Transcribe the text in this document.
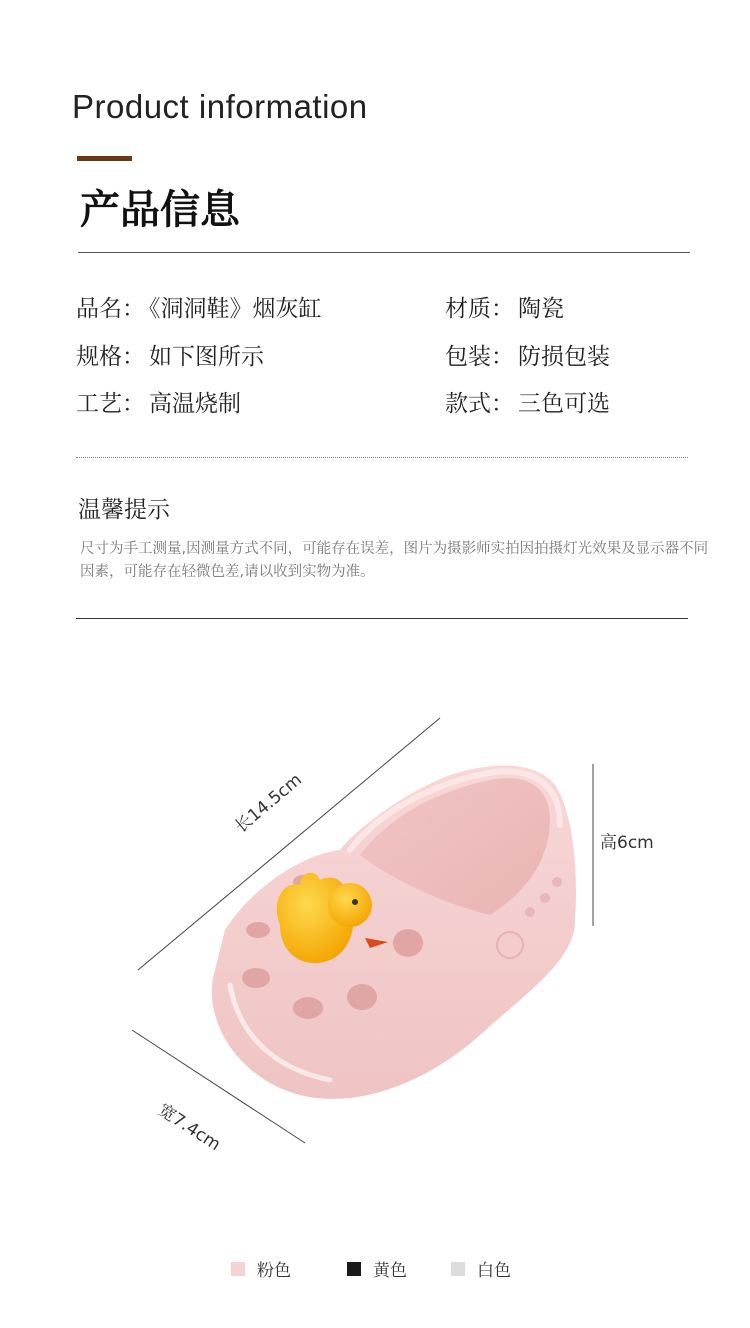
Product information
产品信息
品名： 《洞洞鞋》烟灰缸	材质： 陶瓷
规格： 如下图所示	包装： 防损包装
工艺： 高温烧制	款式： 三色可选
温馨提示
尺寸为手工测量,因测量方式不同，可能存在误差，图片为摄影师实拍因拍摄灯光效果及显示器不同因素，可能存在轻微色差,请以收到实物为准。
长14.5cm
高6cm
宽7.4cm
粉色	黄色	白色
